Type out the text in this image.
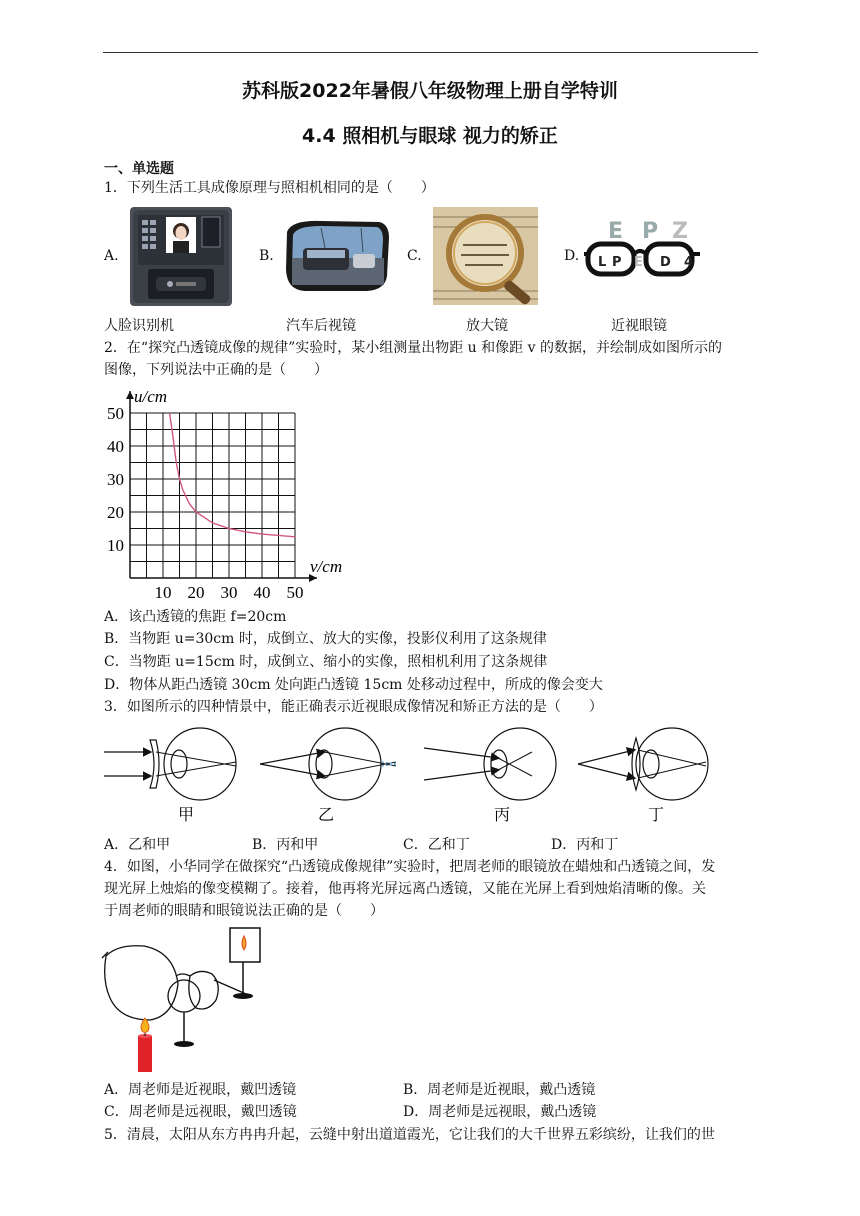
苏科版2022年暑假八年级物理上册自学特训
4.4 照相机与眼球 视力的矫正
一、单选题
1．下列生活工具成像原理与照相机相同的是（　　）
A.
人脸识别机
B.
汽车后视镜
C.
放大镜
D.
E P Z
L P E D 4
近视眼镜
2．在“探究凸透镜成像的规律”实验时，某小组测量出物距 u 和像距 v 的数据，并绘制成如图所示的
图像，下列说法中正确的是（　　）
10 20 30 40 50
10
20
30
40
50
u/cm
v/cm
A．该凸透镜的焦距 f=20cm
B．当物距 u=30cm 时，成倒立、放大的实像，投影仪利用了这条规律
C．当物距 u=15cm 时，成倒立、缩小的实像，照相机利用了这条规律
D．物体从距凸透镜 30cm 处向距凸透镜 15cm 处移动过程中，所成的像会变大
3．如图所示的四种情景中，能正确表示近视眼成像情况和矫正方法的是（　　）
甲	乙	丙	丁
A．乙和甲	B．丙和甲	C．乙和丁	D．丙和丁
4．如图，小华同学在做探究“凸透镜成像规律”实验时，把周老师的眼镜放在蜡烛和凸透镜之间，发
现光屏上烛焰的像变模糊了。接着，他再将光屏远离凸透镜，又能在光屏上看到烛焰清晰的像。关
于周老师的眼睛和眼镜说法正确的是（　　）
A．周老师是近视眼，戴凹透镜	B．周老师是近视眼，戴凸透镜
C．周老师是远视眼，戴凹透镜	D．周老师是远视眼，戴凸透镜
5．清晨，太阳从东方冉冉升起，云缝中射出道道霞光，它让我们的大千世界五彩缤纷，让我们的世
